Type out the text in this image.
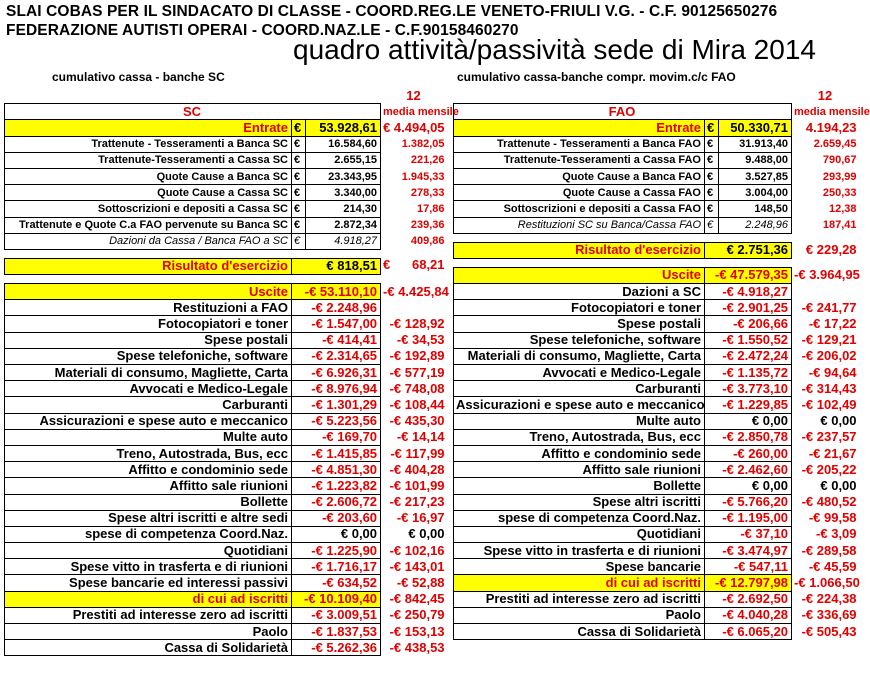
SLAI COBAS PER IL SINDACATO DI CLASSE - COORD.REG.LE VENETO-FRIULI V.G. - C.F. 90125650276
FEDERAZIONE AUTISTI OPERAI - COORD.NAZ.LE - C.F.90158460270
quadro attività/passività sede di Mira 2014
cumulativo cassa - banche SC	cumulativo cassa-banche compr. movim.c/c FAO
			12
SC			media mensile
Entrate	€	53.928,61	€ 4.494,05
Trattenute - Tesseramenti a Banca SC	€	16.584,60	1.382,05
Trattenute-Tesseramenti a Cassa SC	€	2.655,15	221,26
Quote Cause a Banca SC	€	23.343,95	1.945,33
Quote Cause a Cassa SC	€	3.340,00	278,33
Sottoscrizioni e depositi a Cassa SC	€	214,30	17,86
Trattenute e Quote C.a FAO pervenute su Banca SC	€	2.872,34	239,36
Dazioni da Cassa / Banca FAO a SC	€	4.918,27	409,86

Risultato d'esercizio	€ 818,51	€ 68,21

Uscite	-€ 53.110,10		-€ 4.425,84
Restituzioni a FAO	-€ 2.248,96		
Fotocopiatori e toner	-€ 1.547,00		-€ 128,92
Spese postali	-€ 414,41		-€ 34,53
Spese telefoniche, software	-€ 2.314,65		-€ 192,89
Materiali di consumo, Magliette, Carta	-€ 6.926,31		-€ 577,19
Avvocati e Medico-Legale	-€ 8.976,94		-€ 748,08
Carburanti	-€ 1.301,29		-€ 108,44
Assicurazioni e spese auto e meccanico	-€ 5.223,56		-€ 435,30
Multe auto	-€ 169,70		-€ 14,14
Treno, Autostrada, Bus, ecc	-€ 1.415,85		-€ 117,99
Affitto e condominio sede	-€ 4.851,30		-€ 404,28
Affitto sale riunioni	-€ 1.223,82		-€ 101,99
Bollette	-€ 2.606,72		-€ 217,23
Spese altri iscritti e altre sedi	-€ 203,60		-€ 16,97
spese di competenza Coord.Naz.	€ 0,00		€ 0,00
Quotidiani	-€ 1.225,90		-€ 102,16
Spese vitto in trasferta e di riunioni	-€ 1.716,17		-€ 143,01
Spese bancarie ed interessi passivi	-€ 634,52		-€ 52,88
di cui ad iscritti	-€ 10.109,40		-€ 842,45
Prestiti ad interesse zero ad iscritti	-€ 3.009,51		-€ 250,79
Paolo	-€ 1.837,53		-€ 153,13
Cassa di Solidarietà	-€ 5.262,36		-€ 438,53
			12
FAO			media mensile
Entrate	€	50.330,71	4.194,23
Trattenute - Tesseramenti a Banca FAO	€	31.913,40	2.659,45
Trattenute-Tesseramenti a Cassa FAO	€	9.488,00	790,67
Quote Cause a Banca FAO	€	3.527,85	293,99
Quote Cause a Cassa FAO	€	3.004,00	250,33
Sottoscrizioni e depositi a Cassa FAO	€	148,50	12,38
Restituzioni SC su Banca/Cassa FAO	€	2.248,96	187,41

Risultato d'esercizio	€ 2.751,36		€ 229,28

Uscite	-€ 47.579,35		-€ 3.964,95
Dazioni a SC	-€ 4.918,27		
Fotocopiatori e toner	-€ 2.901,25		-€ 241,77
Spese postali	-€ 206,66		-€ 17,22
Spese telefoniche, software	-€ 1.550,52		-€ 129,21
Materiali di consumo, Magliette, Carta	-€ 2.472,24		-€ 206,02
Avvocati e Medico-Legale	-€ 1.135,72		-€ 94,64
Carburanti	-€ 3.773,10		-€ 314,43
Assicurazioni e spese auto e meccanico	-€ 1.229,85		-€ 102,49
Multe auto	€ 0,00		€ 0,00
Treno, Autostrada, Bus, ecc	-€ 2.850,78		-€ 237,57
Affitto e condominio sede	-€ 260,00		-€ 21,67
Affitto sale riunioni	-€ 2.462,60		-€ 205,22
Bollette	€ 0,00		€ 0,00
Spese altri iscritti	-€ 5.766,20		-€ 480,52
spese di competenza Coord.Naz.	-€ 1.195,00		-€ 99,58
Quotidiani	-€ 37,10		-€ 3,09
Spese vitto in trasferta e di riunioni	-€ 3.474,97		-€ 289,58
Spese bancarie	-€ 547,11		-€ 45,59
di cui ad iscritti	-€ 12.797,98		-€ 1.066,50
Prestiti ad interesse zero ad iscritti	-€ 2.692,50		-€ 224,38
Paolo	-€ 4.040,28		-€ 336,69
Cassa di Solidarietà	-€ 6.065,20		-€ 505,43
